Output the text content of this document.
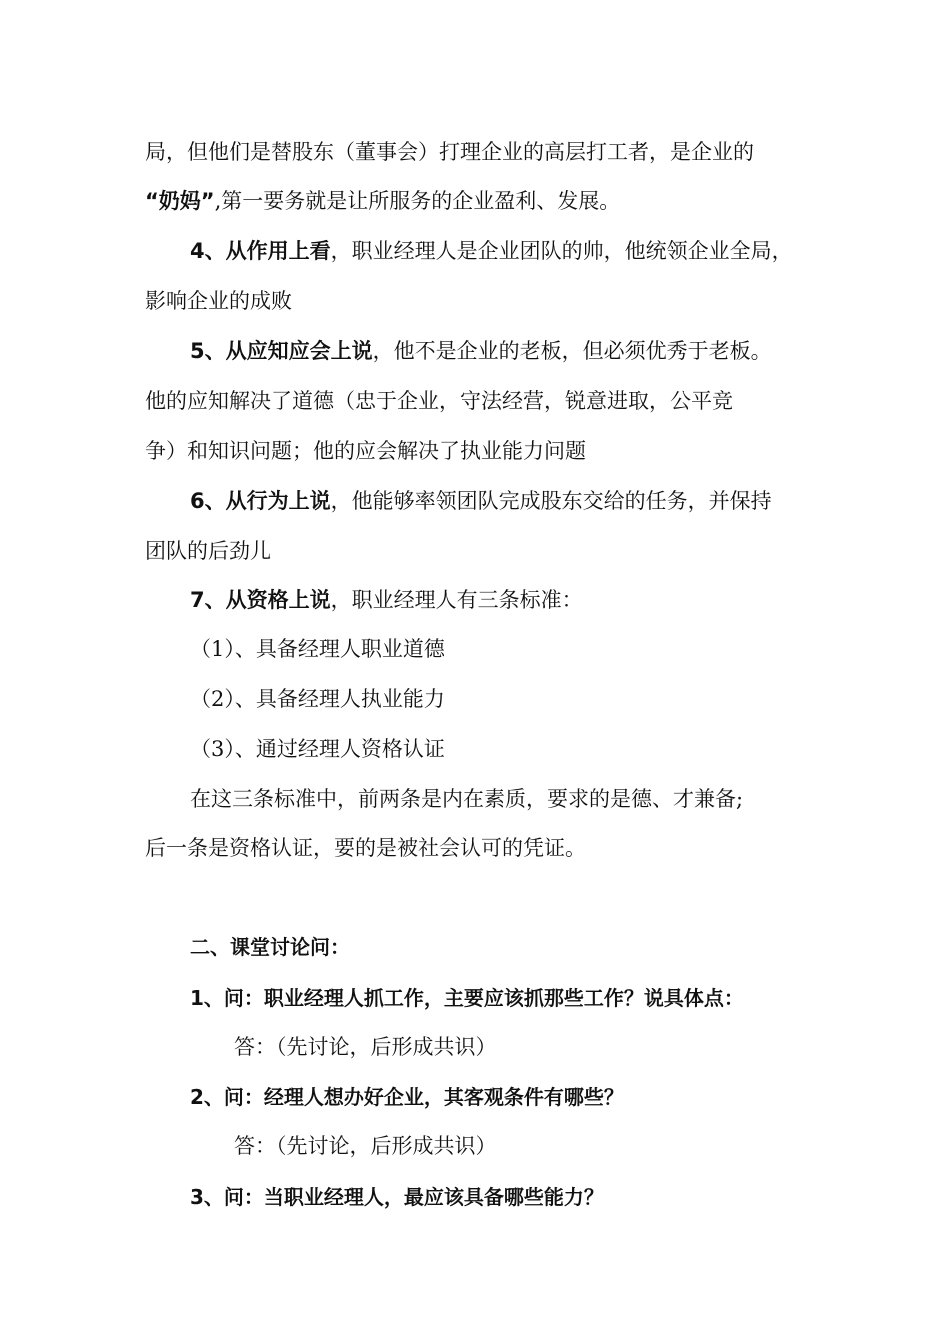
局，但他们是替股东（董事会）打理企业的高层打工者，是企业的
“奶妈”,第一要务就是让所服务的企业盈利、发展。
4、从作用上看，职业经理人是企业团队的帅，他统领企业全局，
影响企业的成败
5、从应知应会上说，他不是企业的老板，但必须优秀于老板。
他的应知解决了道德（忠于企业，守法经营，锐意进取，公平竞
争）和知识问题；他的应会解决了执业能力问题
6、从行为上说，他能够率领团队完成股东交给的任务，并保持
团队的后劲儿
7、从资格上说，职业经理人有三条标准：
（1）、具备经理人职业道德
（2）、具备经理人执业能力
（3）、通过经理人资格认证
在这三条标准中，前两条是内在素质，要求的是德、才兼备;
后一条是资格认证，要的是被社会认可的凭证。
二、课堂讨论问：
1、问：职业经理人抓工作，主要应该抓那些工作？说具体点：
答：（先讨论，后形成共识）
2、问：经理人想办好企业，其客观条件有哪些？
答：（先讨论，后形成共识）
3、问：当职业经理人，最应该具备哪些能力？
